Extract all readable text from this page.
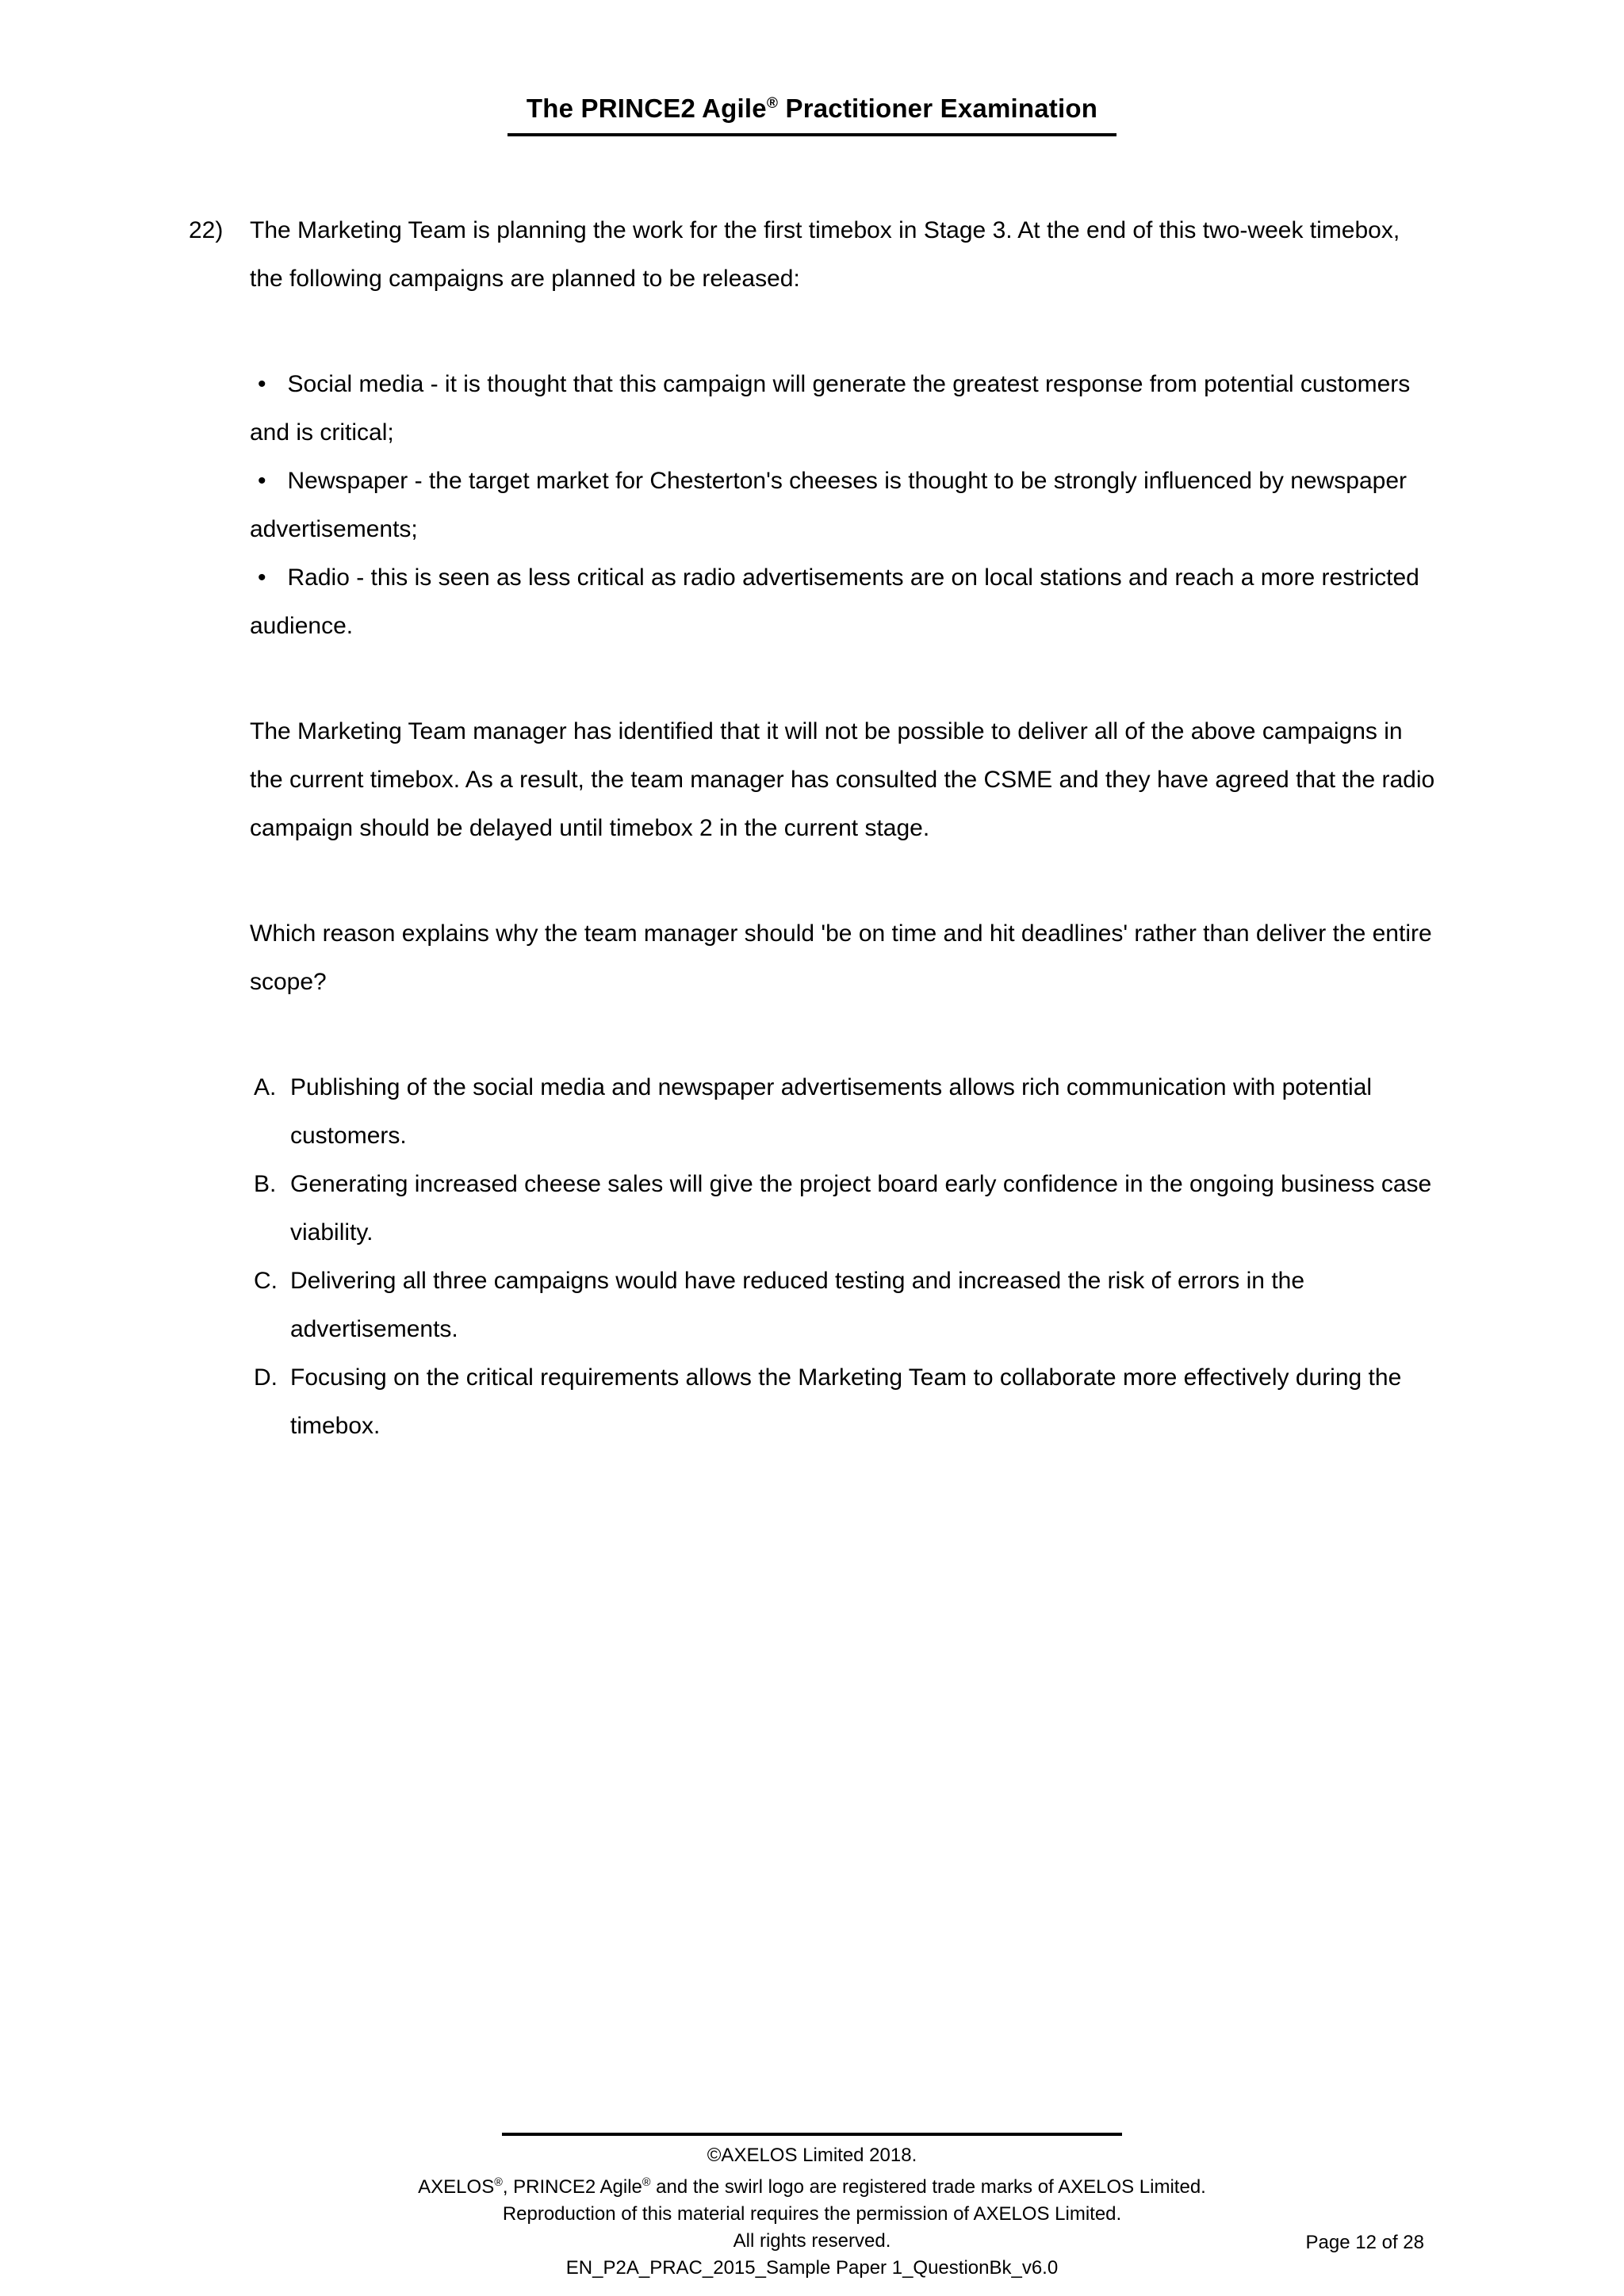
The PRINCE2 Agile® Practitioner Examination
22)	The Marketing Team is planning the work for the first timebox in Stage 3. At the end of this two-week timebox, the following campaigns are planned to be released:

• Social media - it is thought that this campaign will generate the greatest response from potential customers and is critical;

• Newspaper - the target market for Chesterton's cheeses is thought to be strongly influenced by newspaper advertisements;

• Radio - this is seen as less critical as radio advertisements are on local stations and reach a more restricted audience.

The Marketing Team manager has identified that it will not be possible to deliver all of the above campaigns in the current timebox. As a result, the team manager has consulted the CSME and they have agreed that the radio campaign should be delayed until timebox 2 in the current stage.

Which reason explains why the team manager should 'be on time and hit deadlines' rather than deliver the entire scope?

A. Publishing of the social media and newspaper advertisements allows rich communication with potential customers.
B. Generating increased cheese sales will give the project board early confidence in the ongoing business case viability.
C. Delivering all three campaigns would have reduced testing and increased the risk of errors in the advertisements.
D. Focusing on the critical requirements allows the Marketing Team to collaborate more effectively during the timebox.

©AXELOS Limited 2018.

AXELOS®, PRINCE2 Agile® and the swirl logo are registered trade marks of AXELOS Limited.

Reproduction of this material requires the permission of AXELOS Limited.

All rights reserved.

EN_P2A_PRAC_2015_Sample Paper 1_QuestionBk_v6.0

Page 12 of 28
